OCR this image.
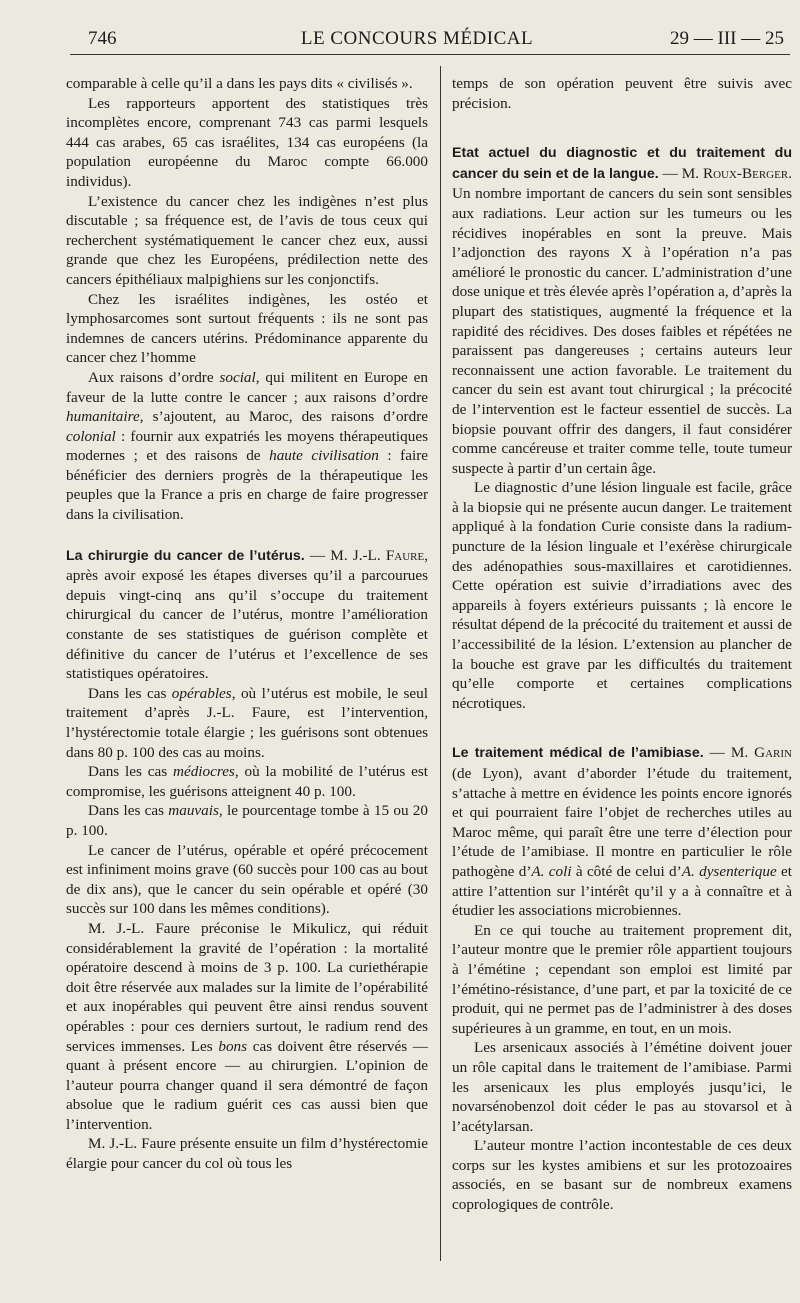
746	LE CONCOURS MÉDICAL	29 — III — 25

comparable à celle qu’il a dans les pays dits « civilisés ».

Les rapporteurs apportent des statistiques très incomplètes encore, comprenant 743 cas parmi lesquels 444 cas arabes, 65 cas israélites, 134 cas européens (la population européenne du Maroc compte 66.000 individus).

L’existence du cancer chez les indigènes n’est plus discutable ; sa fréquence est, de l’avis de tous ceux qui recherchent systématiquement le cancer chez eux, aussi grande que chez les Européens, prédilection nette des cancers épithéliaux malpighiens sur les conjonctifs.

Chez les israélites indigènes, les ostéo et lymphosarcomes sont surtout fréquents : ils ne sont pas indemnes de cancers utérins. Prédominance apparente du cancer chez l’homme

Aux raisons d’ordre social, qui militent en Europe en faveur de la lutte contre le cancer ; aux raisons d’ordre humanitaire, s’ajoutent, au Maroc, des raisons d’ordre colonial : fournir aux expatriés les moyens thérapeutiques modernes ; et des raisons de haute civilisation : faire bénéficier des derniers progrès de la thérapeutique les peuples que la France a pris en charge de faire progresser dans la civilisation.

La chirurgie du cancer de l’utérus. — M. J.-L. Faure, après avoir exposé les étapes diverses qu’il a parcourues depuis vingt-cinq ans qu’il s’occupe du traitement chirurgical du cancer de l’utérus, montre l’amélioration constante de ses statistiques de guérison complète et définitive du cancer de l’utérus et l’excellence de ses statistiques opératoires.

Dans les cas opérables, où l’utérus est mobile, le seul traitement d’après J.-L. Faure, est l’intervention, l’hystérectomie totale élargie ; les guérisons sont obtenues dans 80 p. 100 des cas au moins.

Dans les cas médiocres, où la mobilité de l’utérus est compromise, les guérisons atteignent 40 p. 100.

Dans les cas mauvais, le pourcentage tombe à 15 ou 20 p. 100.

Le cancer de l’utérus, opérable et opéré précocement est infiniment moins grave (60 succès pour 100 cas au bout de dix ans), que le cancer du sein opérable et opéré (30 succès sur 100 dans les mêmes conditions).

M. J.-L. Faure préconise le Mikulicz, qui réduit considérablement la gravité de l’opération : la mortalité opératoire descend à moins de 3 p. 100. La curiethérapie doit être réservée aux malades sur la limite de l’opérabilité et aux inopérables qui peuvent être ainsi rendus souvent opérables : pour ces derniers surtout, le radium rend des services immenses. Les bons cas doivent être réservés — quant à présent encore — au chirurgien. L’opinion de l’auteur pourra changer quand il sera démontré de façon absolue que le radium guérit ces cas aussi bien que l’intervention.

M. J.-L. Faure présente ensuite un film d’hystérectomie élargie pour cancer du col où tous les

temps de son opération peuvent être suivis avec précision.

Etat actuel du diagnostic et du traitement du cancer du sein et de la langue. — M. Roux-Berger. Un nombre important de cancers du sein sont sensibles aux radiations. Leur action sur les tumeurs ou les récidives inopérables en sont la preuve. Mais l’adjonction des rayons X à l’opération n’a pas amélioré le pronostic du cancer. L’administration d’une dose unique et très élevée après l’opération a, d’après la plupart des statistiques, augmenté la fréquence et la rapidité des récidives. Des doses faibles et répétées ne paraissent pas dangereuses ; certains auteurs leur reconnaissent une action favorable. Le traitement du cancer du sein est avant tout chirurgical ; la précocité de l’intervention est le facteur essentiel de succès. La biopsie pouvant offrir des dangers, il faut considérer comme cancéreuse et traiter comme telle, toute tumeur suspecte à partir d’un certain âge.

Le diagnostic d’une lésion linguale est facile, grâce à la biopsie qui ne présente aucun danger. Le traitement appliqué à la fondation Curie consiste dans la radium-puncture de la lésion linguale et l’exérèse chirurgicale des adénopathies sous-maxillaires et carotidiennes. Cette opération est suivie d’irradiations avec des appareils à foyers extérieurs puissants ; là encore le résultat dépend de la précocité du traitement et aussi de l’accessibilité de la lésion. L’extension au plancher de la bouche est grave par les difficultés du traitement qu’elle comporte et certaines complications nécrotiques.

Le traitement médical de l’amibiase. — M. Garin (de Lyon), avant d’aborder l’étude du traitement, s’attache à mettre en évidence les points encore ignorés et qui pourraient faire l’objet de recherches utiles au Maroc même, qui paraît être une terre d’élection pour l’étude de l’amibiase. Il montre en particulier le rôle pathogène d’A. coli à côté de celui d’A. dysenterique et attire l’attention sur l’intérêt qu’il y a à connaître et à étudier les associations microbiennes.

En ce qui touche au traitement proprement dit, l’auteur montre que le premier rôle appartient toujours à l’émétine ; cependant son emploi est limité par l’émétino-résistance, d’une part, et par la toxicité de ce produit, qui ne permet pas de l’administrer à des doses supérieures à un gramme, en tout, en un mois.

Les arsenicaux associés à l’émétine doivent jouer un rôle capital dans le traitement de l’amibiase. Parmi les arsenicaux les plus employés jusqu’ici, le novarsénobenzol doit céder le pas au stovarsol et à l’acétylarsan.

L’auteur montre l’action incontestable de ces deux corps sur les kystes amibiens et sur les protozoaires associés, en se basant sur de nombreux examens coprologiques de contrôle.
